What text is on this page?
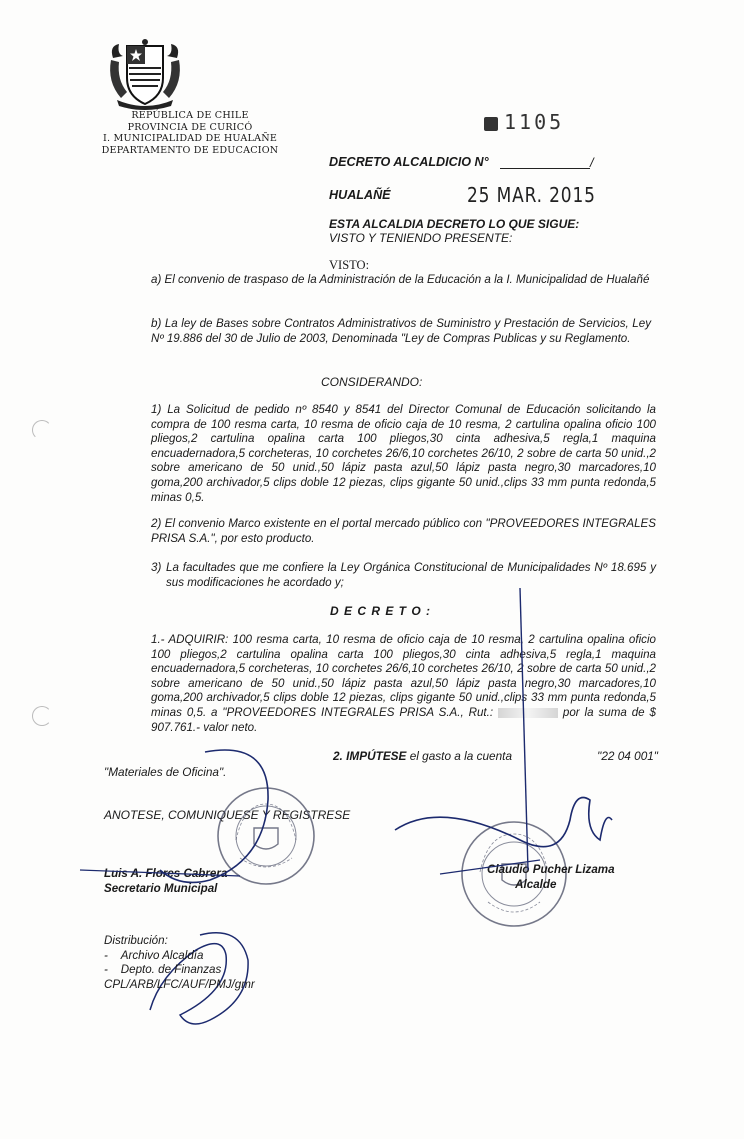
REPÚBLICA DE CHILE
PROVINCIA DE CURICÓ
I. MUNICIPALIDAD DE HUALAÑE
DEPARTAMENTO DE EDUCACION
1105
DECRETO ALCALDICIO N°	/
HUALAÑÉ	25 MAR. 2015
ESTA ALCALDIA DECRETO LO QUE SIGUE:
VISTO Y TENIENDO PRESENTE:
VISTO:
a) El convenio de traspaso de la Administración de la Educación a la I. Municipalidad de Hualañé
b) La ley de Bases sobre Contratos Administrativos de Suministro y Prestación de Servicios, Ley Nº 19.886 del 30 de Julio de 2003, Denominada "Ley de Compras Publicas y su Reglamento.
CONSIDERANDO:
1) La Solicitud de pedido nº 8540 y 8541 del Director Comunal de Educación solicitando la compra de 100 resma carta, 10 resma de oficio caja de 10 resma, 2 cartulina opalina oficio 100 pliegos,2 cartulina opalina carta 100 pliegos,30 cinta adhesiva,5 regla,1 maquina encuadernadora,5 corcheteras, 10 corchetes 26/6,10 corchetes 26/10, 2 sobre de carta 50 unid.,2 sobre americano de 50 unid.,50 lápiz pasta azul,50 lápiz pasta negro,30 marcadores,10 goma,200 archivador,5 clips doble 12 piezas, clips gigante 50 unid.,clips 33 mm punta redonda,5 minas 0,5.
2) El convenio Marco existente en el portal mercado público con "PROVEEDORES INTEGRALES PRISA S.A.", por esto producto.
3) La facultades que me confiere la Ley Orgánica Constitucional de Municipalidades Nº 18.695 y sus modificaciones he acordado y;
D E C R E T O :
1.- ADQUIRIR: 100 resma carta, 10 resma de oficio caja de 10 resma, 2 cartulina opalina oficio 100 pliegos,2 cartulina opalina carta 100 pliegos,30 cinta adhesiva,5 regla,1 maquina encuadernadora,5 corcheteras, 10 corchetes 26/6,10 corchetes 26/10, 2 sobre de carta 50 unid.,2 sobre americano de 50 unid.,50 lápiz pasta azul,50 lápiz pasta negro,30 marcadores,10 goma,200 archivador,5 clips doble 12 piezas, clips gigante 50 unid.,clips 33 mm punta redonda,5 minas 0,5. a "PROVEEDORES INTEGRALES PRISA S.A., Rut.:	por la suma de $ 907.761.- valor neto.
2. IMPÚTESE el gasto a la cuenta	"22 04 001"
"Materiales de Oficina".
ANOTESE, COMUNIQUESE Y REGISTRESE
Luis A. Flores Cabrera
Secretario Municipal
Claudio Pucher Lizama
Alcalde
Distribución:
-    Archivo Alcaldía
-    Depto. de Finanzas
CPL/ARB/LFC/AUF/PMJ/gmr
